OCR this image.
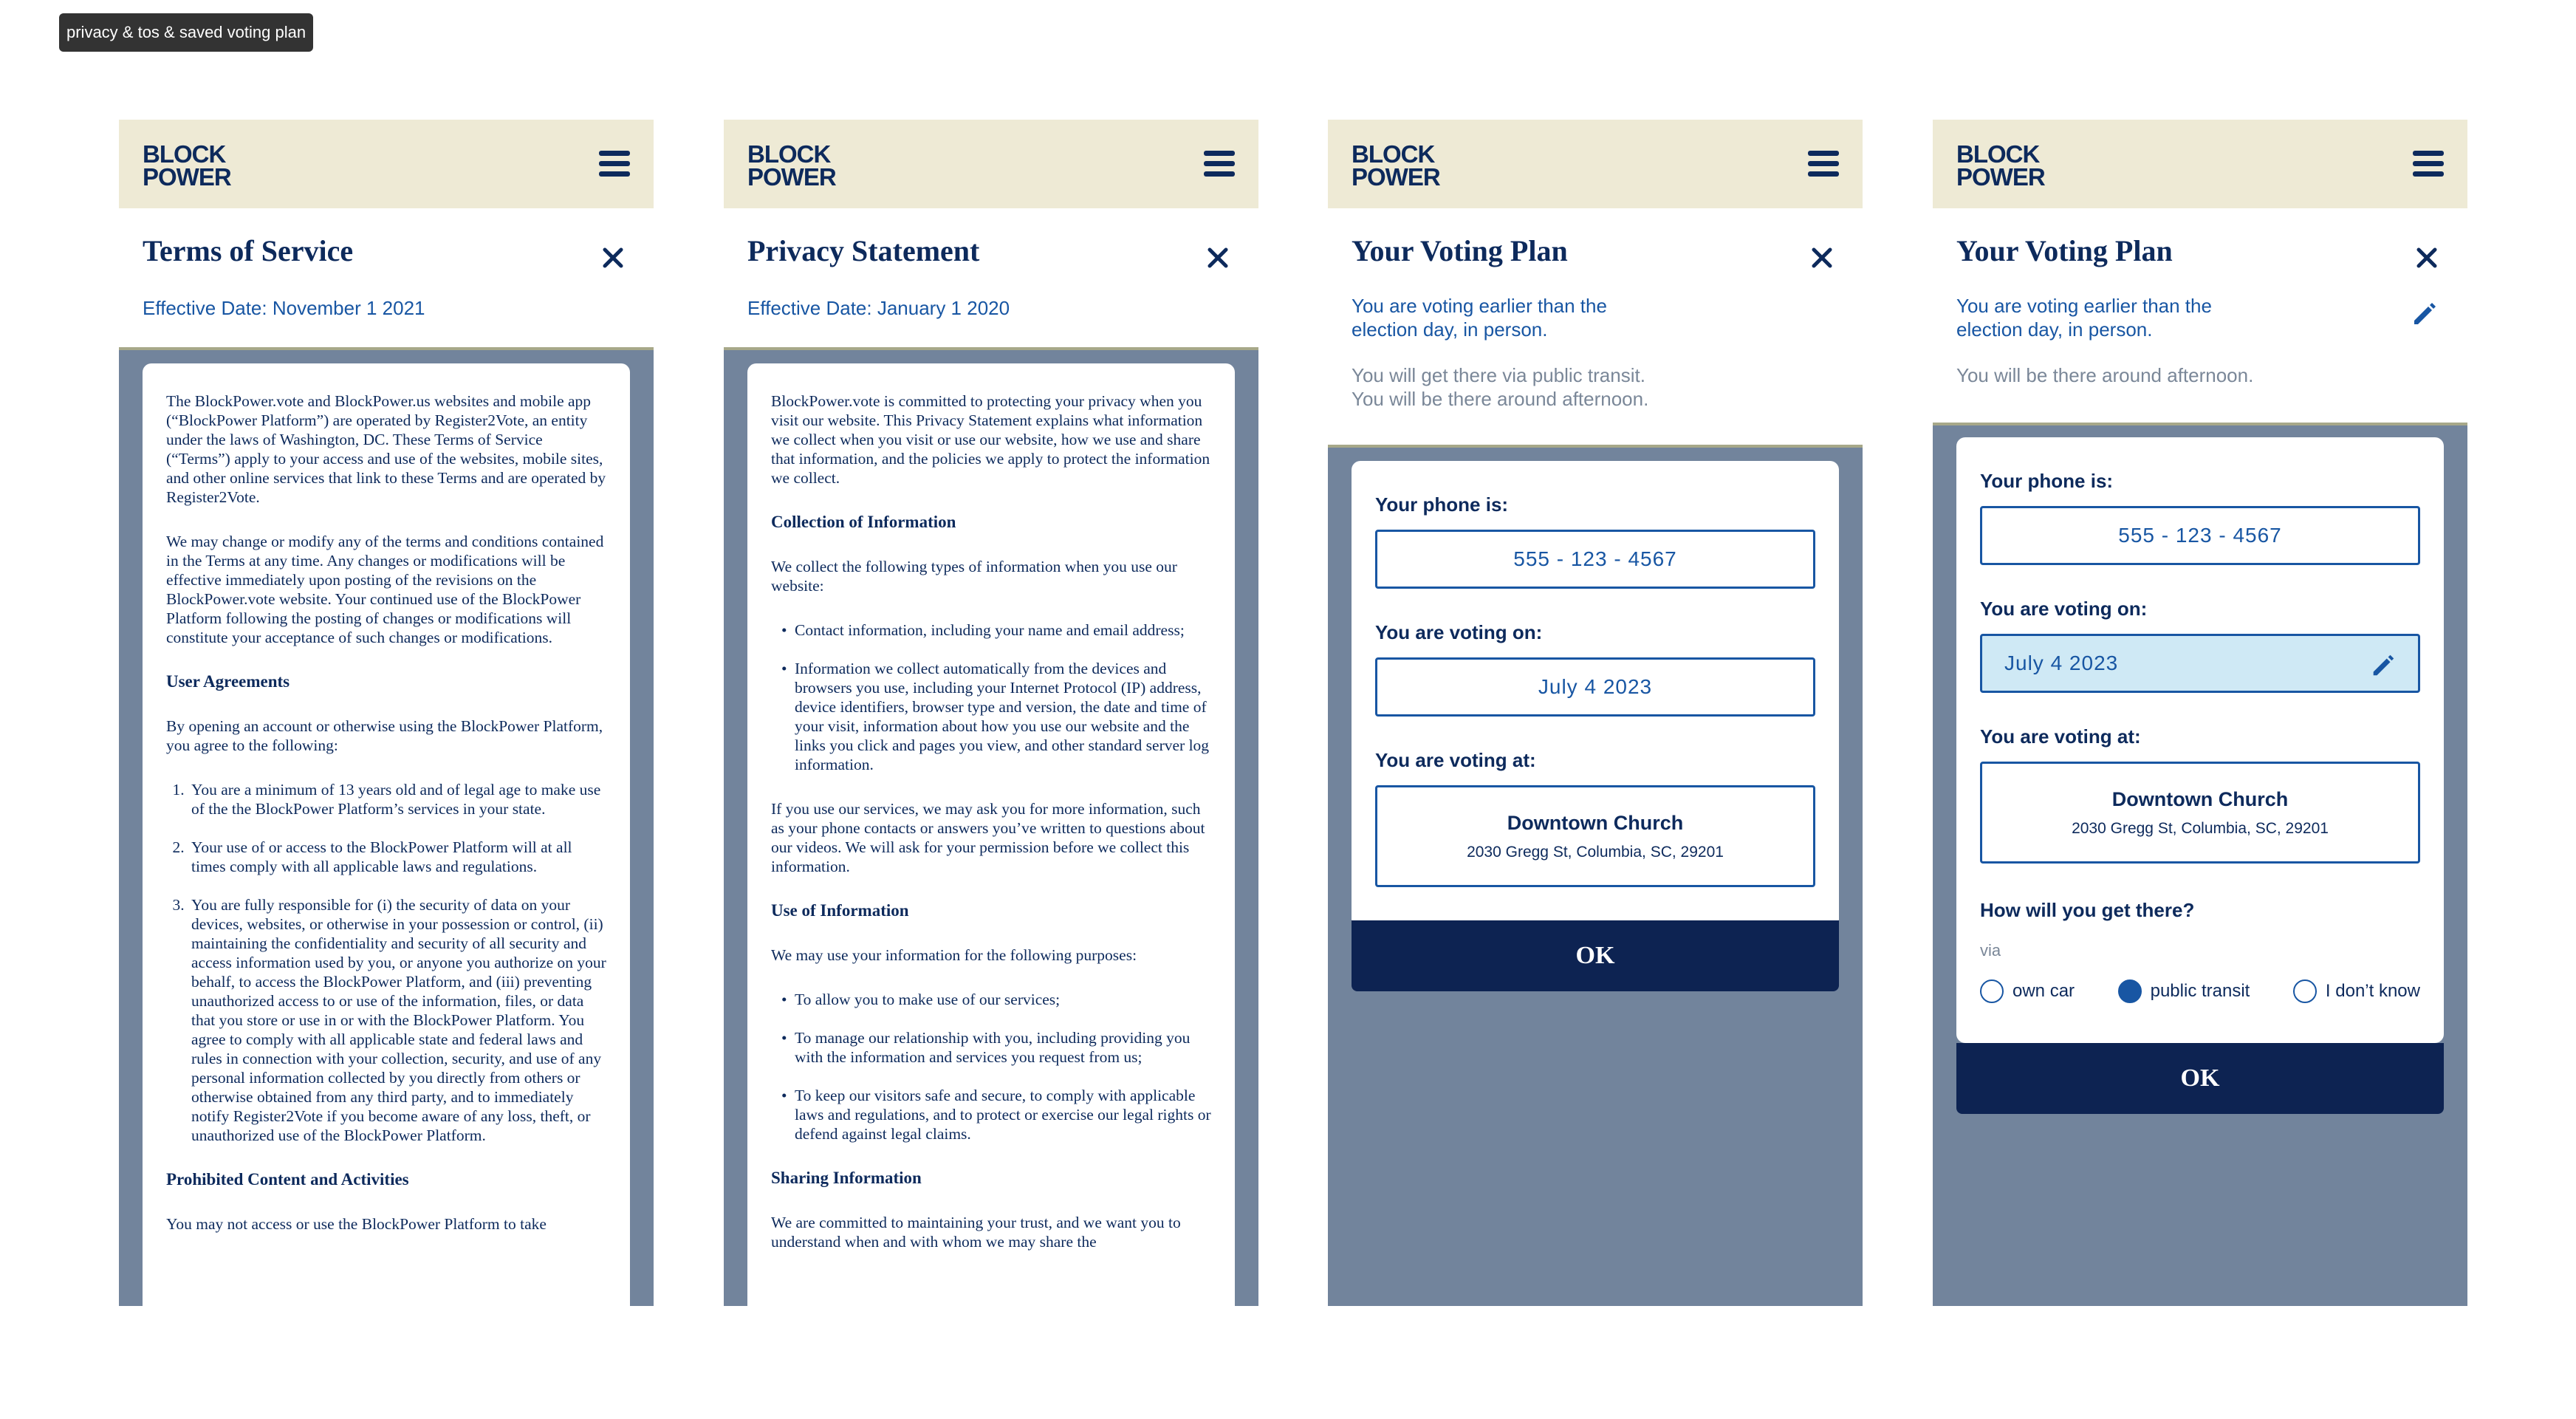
privacy & tos & saved voting plan
BLOCK
POWER
Terms of Service
Effective Date: November 1 2021

The BlockPower.vote and BlockPower.us websites and mobile app (“BlockPower Platform”) are operated by Register2Vote, an entity under the laws of Washington, DC. These Terms of Service (“Terms”) apply to your access and use of the websites, mobile sites, and other online services that link to these Terms and are operated by Register2Vote.

We may change or modify any of the terms and conditions contained in the Terms at any time. Any changes or modifications will be effective immediately upon posting of the revisions on the BlockPower.vote website. Your continued use of the BlockPower Platform following the posting of changes or modifications will constitute your acceptance of such changes or modifications.

User Agreements

By opening an account or otherwise using the BlockPower Platform, you agree to the following:

1. You are a minimum of 13 years old and of legal age to make use of the the BlockPower Platform’s services in your state.
2. Your use of or access to the BlockPower Platform will at all times comply with all applicable laws and regulations.
3. You are fully responsible for (i) the security of data on your devices, websites, or otherwise in your possession or control, (ii) maintaining the confidentiality and security of all security and access information used by you, or anyone you authorize on your behalf, to access the BlockPower Platform, and (iii) preventing unauthorized access to or use of the information, files, or data that you store or use in or with the BlockPower Platform. You agree to comply with all applicable state and federal laws and rules in connection with your collection, security, and use of any personal information collected by you directly from others or otherwise obtained from any third party, and to immediately notify Register2Vote if you become aware of any loss, theft, or unauthorized use of the BlockPower Platform.
Prohibited Content and Activities

You may not access or use the BlockPower Platform to take

BLOCK
POWER
Privacy Statement
Effective Date: January 1 2020

BlockPower.vote is committed to protecting your privacy when you visit our website. This Privacy Statement explains what information we collect when you visit or use our website, how we use and share that information, and the policies we apply to protect the information we collect.

Collection of Information

We collect the following types of information when you use our website:

• Contact information, including your name and email address;
• Information we collect automatically from the devices and browsers you use, including your Internet Protocol (IP) address, device identifiers, browser type and version, the date and time of your visit, information about how you use our website and the links you click and pages you view, and other standard server log information.

If you use our services, we may ask you for more information, such as your phone contacts or answers you’ve written to questions about our videos. We will ask for your permission before we collect this information.

Use of Information

We may use your information for the following purposes:

• To allow you to make use of our services;
• To manage our relationship with you, including providing you with the information and services you request from us;
• To keep our visitors safe and secure, to comply with applicable laws and regulations, and to protect or exercise our legal rights or defend against legal claims.
Sharing Information

We are committed to maintaining your trust, and we want you to understand when and with whom we may share the

BLOCK
POWER
Your Voting Plan
You are voting earlier than the
election day, in person.
You will get there via public transit.
You will be there around afternoon.
Your phone is:
555 - 123 - 4567
You are voting on:
July 4 2023
You are voting at:
Downtown Church
2030 Gregg St, Columbia, SC, 29201
OK
BLOCK
POWER
Your Voting Plan
You are voting earlier than the
election day, in person.
You will be there around afternoon.
Your phone is:
555 - 123 - 4567
You are voting on:
July 4 2023
You are voting at:
Downtown Church
2030 Gregg St, Columbia, SC, 29201
How will you get there?
via
own car	public transit	I don’t know
OK
